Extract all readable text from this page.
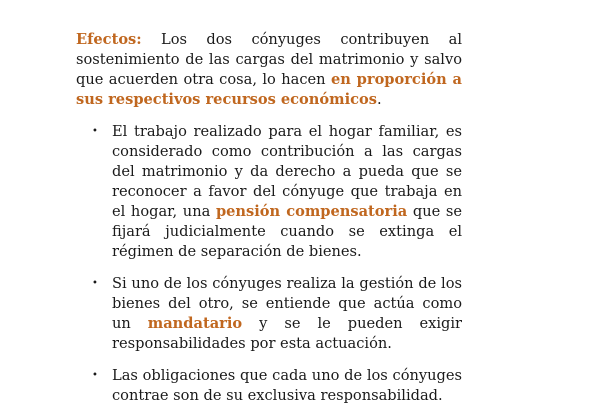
Efectos: Los dos cónyuges contribuyen al sostenimiento de las cargas del matrimonio y salvo que acuerden otra cosa, lo hacen en proporción a sus respectivos recursos económicos.

• El trabajo realizado para el hogar familiar, es considerado como contribución a las cargas del matrimonio y da derecho a pueda que se reconocer a favor del cónyuge que trabaja en el hogar, una pensión compensatoria que se fijará judicialmente cuando se extinga el régimen de separación de bienes.
• Si uno de los cónyuges realiza la gestión de los bienes del otro, se entiende que actúa como un mandatario y se le pueden exigir responsabilidades por esta actuación.
• Las obligaciones que cada uno de los cónyuges contrae son de su exclusiva responsabilidad.
